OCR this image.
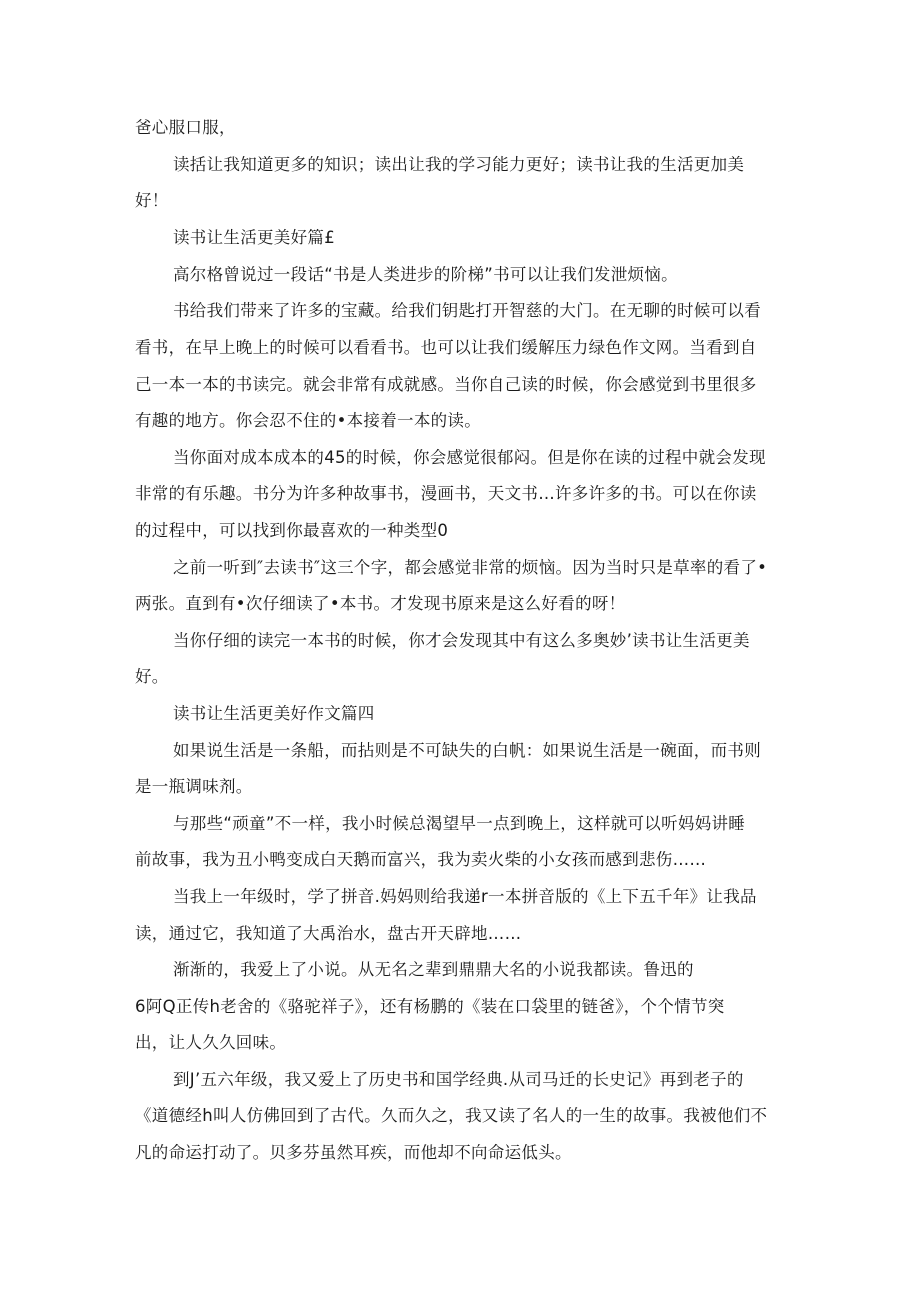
爸心服口服，
读括让我知道更多的知识；读出让我的学习能力更好；读书让我的生活更加美
好！
读书让生活更美好篇£
高尔格曾说过一段话“书是人类进步的阶梯”书可以让我们发泄烦恼。
书给我们带来了许多的宝藏。给我们钥匙打开智慈的大门。在无聊的时候可以看
看书，在早上晚上的时候可以看看书。也可以让我们缓解压力绿色作文网。当看到自
己一本一本的书读完。就会非常有成就感。当你自己读的时候，你会感觉到书里很多
有趣的地方。你会忍不住的•本接着一本的读。
当你面对成本成本的45的时候，你会感觉很郁闷。但是你在读的过程中就会发现
非常的有乐趣。书分为许多种故事书，漫画书，天文书…许多许多的书。可以在你读
的过程中，可以找到你最喜欢的一种类型0
之前一听到″去读书″这三个字，都会感觉非常的烦恼。因为当时只是草率的看了•
两张。直到有•次仔细读了•本书。才发现书原来是这么好看的呀！
当你仔细的读完一本书的时候，你才会发现其中有这么多奥妙’读书让生活更美
好。
读书让生活更美好作文篇四
如果说生活是一条船，而拈则是不可缺失的白帆：如果说生活是一碗面，而书则
是一瓶调味剂。
与那些“顽童”不一样，我小时候总渴望早一点到晚上，这样就可以听妈妈讲睡
前故事，我为丑小鸭变成白天鹅而富兴，我为卖火柴的小女孩而感到悲伤……
当我上一年级时，学了拼音.妈妈则给我递r一本拼音版的《上下五千年》让我品
读，通过它，我知道了大禹治水，盘古开天辟地……
渐渐的，我爱上了小说。从无名之辈到鼎鼎大名的小说我都读。鲁迅的
6阿Q正传h老舍的《骆驼祥子》，还有杨鹏的《装在口袋里的链爸》，个个情节突
出，让人久久回味。
到J’五六年级，我又爱上了历史书和国学经典.从司马迁的长史记》再到老子的
《道德经h叫人仿佛回到了古代。久而久之，我又读了名人的一生的故事。我被他们不
凡的命运打动了。贝多芬虽然耳疾，而他却不向命运低头。
